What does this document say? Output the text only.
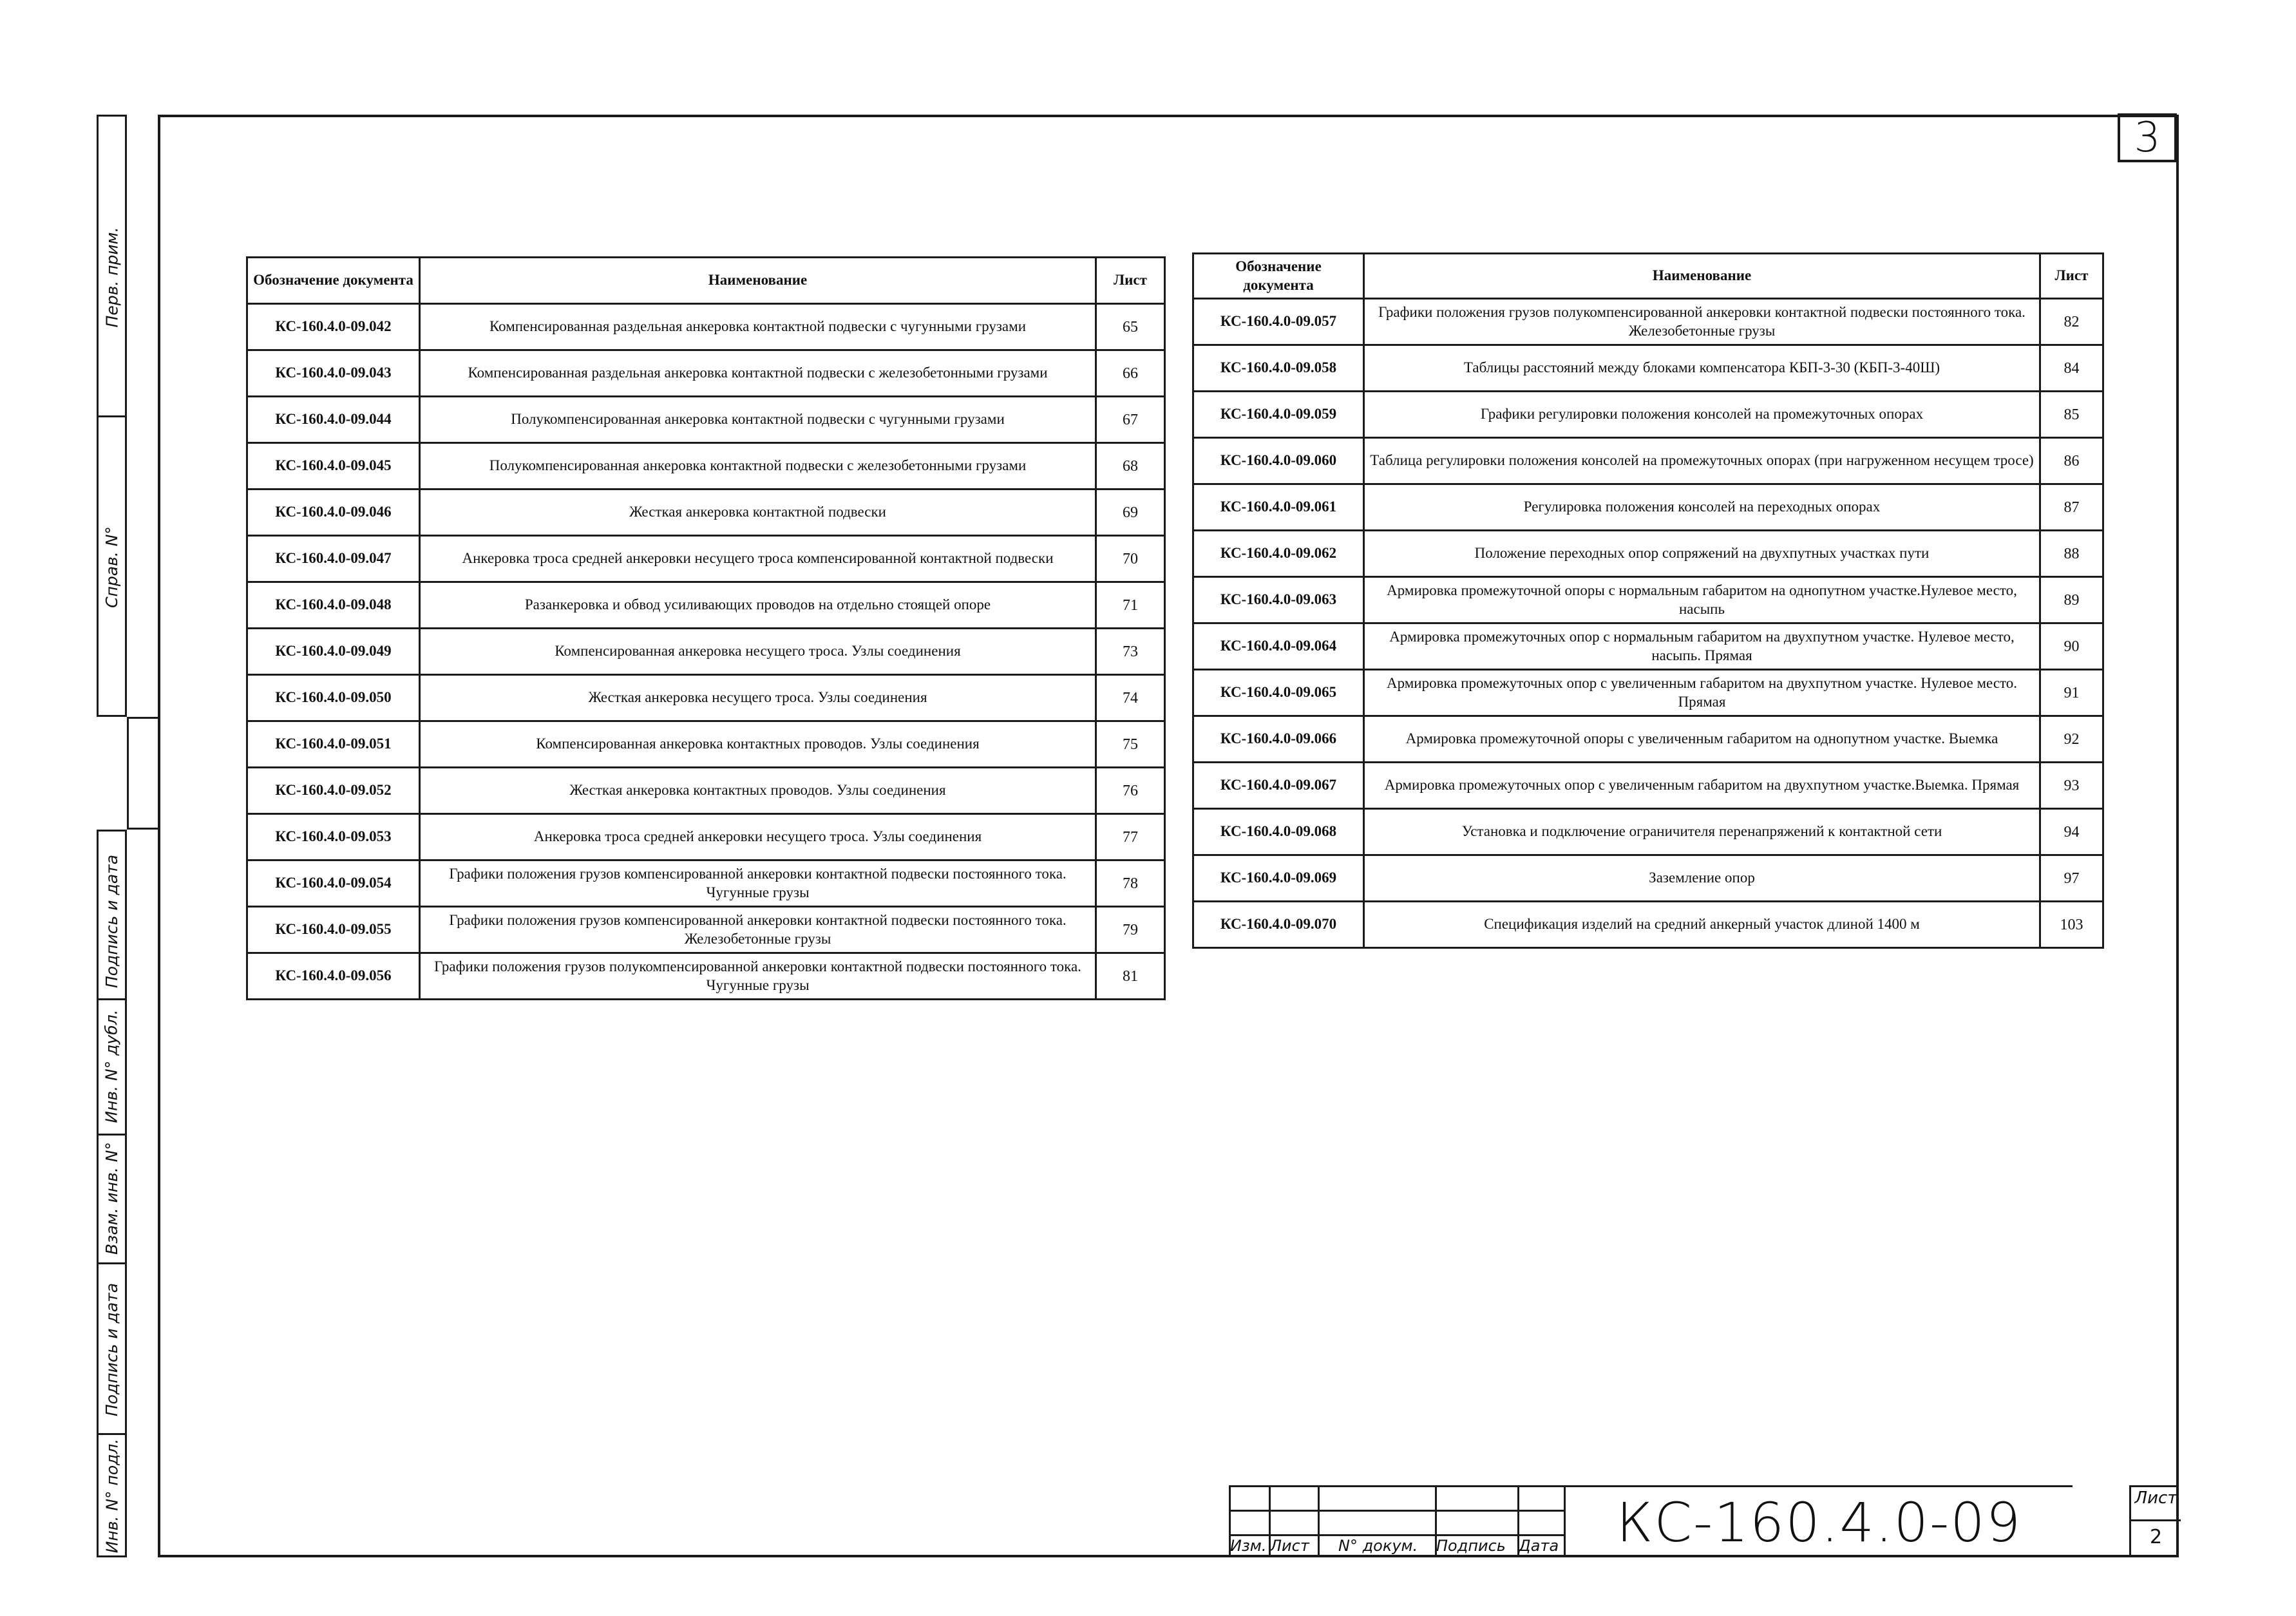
3
Перв. прим.
Справ. N°
Подпись и дата
Инв. N° дубл.
Взам. инв. N°
Подпись и дата
Инв. N° подл.
Обозначение документа	Наименование	Лист
КС-160.4.0-09.042	Компенсированная раздельная анкеровка контактной подвески с чугунными грузами	65
КС-160.4.0-09.043	Компенсированная раздельная анкеровка контактной подвески с железобетонными грузами	66
КС-160.4.0-09.044	Полукомпенсированная анкеровка контактной подвески с чугунными грузами	67
КС-160.4.0-09.045	Полукомпенсированная анкеровка контактной подвески с железобетонными грузами	68
КС-160.4.0-09.046	Жесткая анкеровка контактной подвески	69
КС-160.4.0-09.047	Анкеровка троса средней анкеровки несущего троса компенсированной контактной подвески	70
КС-160.4.0-09.048	Разанкеровка и обвод усиливающих проводов на отдельно стоящей опоре	71
КС-160.4.0-09.049	Компенсированная анкеровка несущего троса. Узлы соединения	73
КС-160.4.0-09.050	Жесткая анкеровка несущего троса. Узлы соединения	74
КС-160.4.0-09.051	Компенсированная анкеровка контактных проводов. Узлы соединения	75
КС-160.4.0-09.052	Жесткая анкеровка контактных проводов. Узлы соединения	76
КС-160.4.0-09.053	Анкеровка троса средней анкеровки несущего троса. Узлы соединения	77
КС-160.4.0-09.054	Графики положения грузов компенсированной анкеровки контактной подвески постоянного тока. Чугунные грузы	78
КС-160.4.0-09.055	Графики положения грузов компенсированной анкеровки контактной подвески постоянного тока. Железобетонные грузы	79
КС-160.4.0-09.056	Графики положения грузов полукомпенсированной анкеровки контактной подвески постоянного тока. Чугунные грузы	81
Обозначение документа	Наименование	Лист
КС-160.4.0-09.057	Графики положения грузов полукомпенсированной анкеровки контактной подвески постоянного тока. Железобетонные грузы	82
КС-160.4.0-09.058	Таблицы расстояний между блоками компенсатора КБП-3-30 (КБП-3-40Ш)	84
КС-160.4.0-09.059	Графики регулировки положения консолей на промежуточных опорах	85
КС-160.4.0-09.060	Таблица регулировки положения консолей на промежуточных опорах (при нагруженном несущем тросе)	86
КС-160.4.0-09.061	Регулировка положения консолей на переходных опорах	87
КС-160.4.0-09.062	Положение переходных опор сопряжений на двухпутных участках пути	88
КС-160.4.0-09.063	Армировка промежуточной опоры с нормальным габаритом на однопутном участке.Нулевое место, насыпь	89
КС-160.4.0-09.064	Армировка промежуточных опор с нормальным габаритом на двухпутном участке. Нулевое место, насыпь. Прямая	90
КС-160.4.0-09.065	Армировка промежуточных опор с увеличенным габаритом на двухпутном участке. Нулевое место. Прямая	91
КС-160.4.0-09.066	Армировка промежуточной опоры с увеличенным габаритом на однопутном участке. Выемка	92
КС-160.4.0-09.067	Армировка промежуточных опор с увеличенным габаритом на двухпутном участке.Выемка. Прямая	93
КС-160.4.0-09.068	Установка и подключение ограничителя перенапряжений к контактной сети	94
КС-160.4.0-09.069	Заземление опор	97
КС-160.4.0-09.070	Спецификация изделий на средний анкерный участок длиной 1400 м	103
Изм. Лист N° докум. Подпись Дата	КС-160.4.0-09	Лист
2
